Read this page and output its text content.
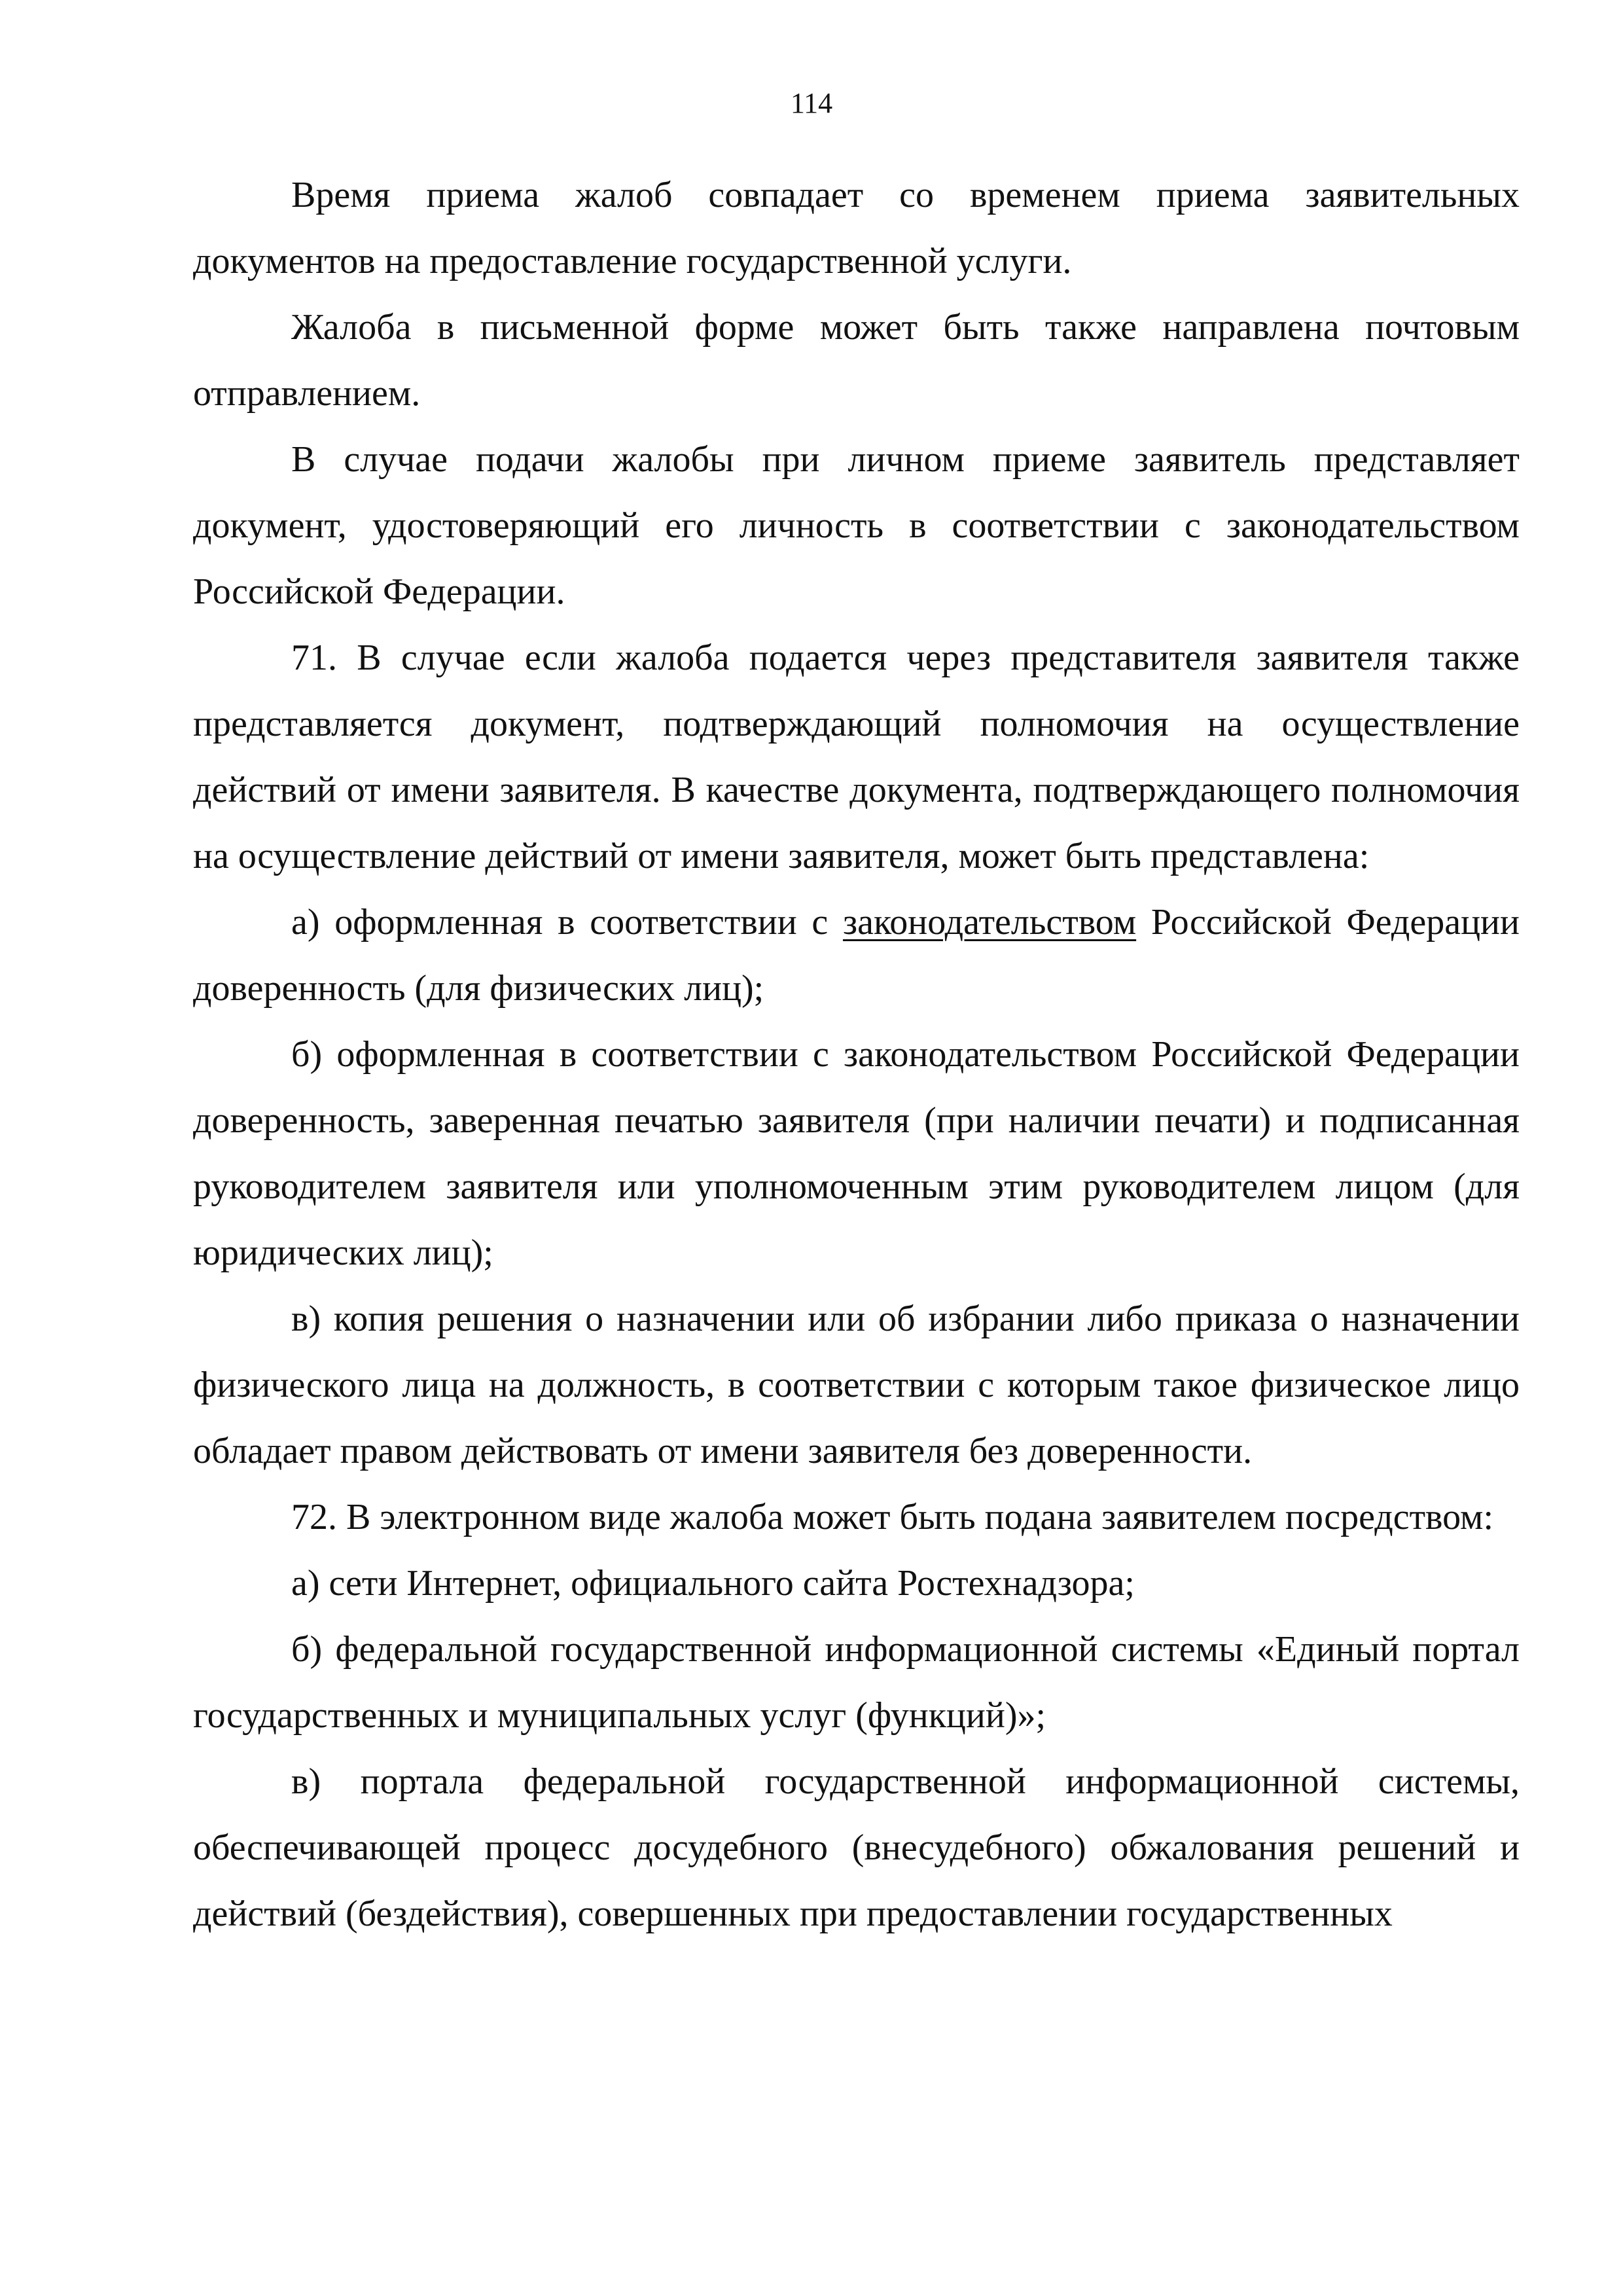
114

Время приема жалоб совпадает со временем приема заявительных документов на предоставление государственной услуги.

Жалоба в письменной форме может быть также направлена почтовым отправлением.

В случае подачи жалобы при личном приеме заявитель представляет документ, удостоверяющий его личность в соответствии с законодательством Российской Федерации.

71. В случае если жалоба подается через представителя заявителя также представляется документ, подтверждающий полномочия на осуществление действий от имени заявителя. В качестве документа, подтверждающего полномочия на осуществление действий от имени заявителя, может быть представлена:

а) оформленная в соответствии с законодательством Российской Федерации доверенность (для физических лиц);

б) оформленная в соответствии с законодательством Российской Федерации доверенность, заверенная печатью заявителя (при наличии печати) и подписанная руководителем заявителя или уполномоченным этим руководителем лицом (для юридических лиц);

в) копия решения о назначении или об избрании либо приказа о назначении физического лица на должность, в соответствии с которым такое физическое лицо обладает правом действовать от имени заявителя без доверенности.

72. В электронном виде жалоба может быть подана заявителем посредством:

а) сети Интернет, официального сайта Ростехнадзора;

б) федеральной государственной информационной системы «Единый портал государственных и муниципальных услуг (функций)»;

в) портала федеральной государственной информационной системы, обеспечивающей процесс досудебного (внесудебного) обжалования решений и действий (бездействия), совершенных при предоставлении государственных
